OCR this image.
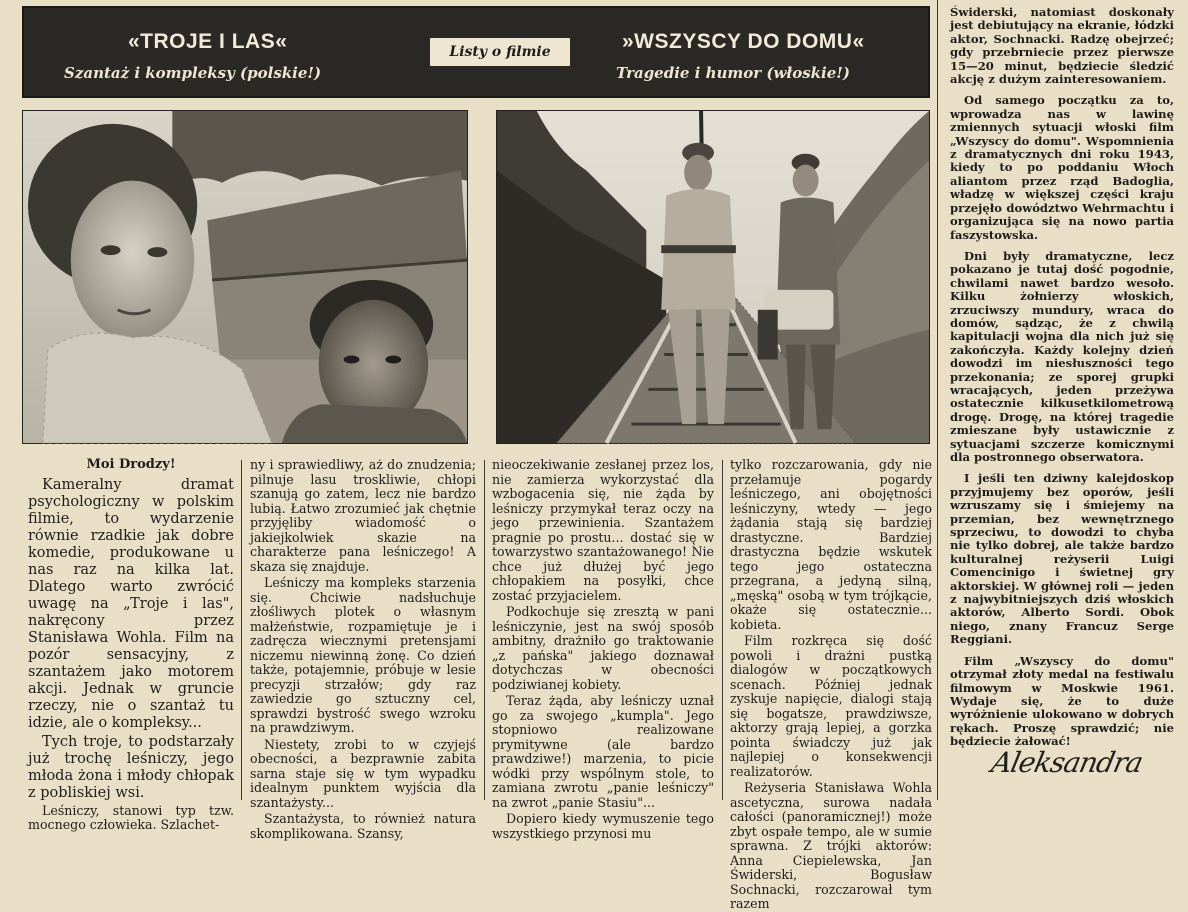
«TROJE I LAS«
Szantaż i kompleksy (polskie!)
Listy o filmie	»WSZYSCY DO DOMU«
Tragedie i humor (włoskie!)

Świderski, natomiast doskonały jest debiutujący na ekranie, łódzki aktor, Sochnacki. Radzę obejrzeć; gdy przebrniecie przez pierwsze 15—20 minut, będziecie śledzić akcję z dużym zainteresowaniem.

Od samego początku za to, wprowadza nas w lawinę zmiennych sytuacji włoski film „Wszyscy do domu". Wspomnienia z dramatycznych dni roku 1943, kiedy to po poddaniu Włoch aliantom przez rząd Badoglia, władzę w większej części kraju przejęło dowództwo Wehrmachtu i organizująca się na nowo partia faszystowska.

Dni były dramatyczne, lecz pokazano je tutaj dość pogodnie, chwilami nawet bardzo wesoło. Kilku żołnierzy włoskich, zrzuciwszy mundury, wraca do domów, sądząc, że z chwilą kapitulacji wojna dla nich już się zakończyła. Każdy kolejny dzień dowodzi im niesłuszności tego przekonania; ze sporej grupki wracających, jeden przeżywa ostatecznie kilkusetkilometrową drogę. Drogę, na której tragedie zmieszane były ustawicznie z sytuacjami szczerze komicznymi dla postronnego obserwatora.

I jeśli ten dziwny kalejdoskop przyjmujemy bez oporów, jeśli wzruszamy się i śmiejemy na przemian, bez wewnętrznego sprzeciwu, to dowodzi to chyba nie tylko dobrej, ale także bardzo kulturalnej reżyserii Luigi Comencinigo i świetnej gry aktorskiej. W głównej roli — jeden z najwybitniejszych dziś włoskich aktorów, Alberto Sordi. Obok niego, znany Francuz Serge Reggiani.

Film „Wszyscy do domu" otrzymał złoty medal na festiwalu filmowym w Moskwie 1961. Wydaje się, że to duże wyróżnienie ulokowano w dobrych rękach. Proszę sprawdzić; nie będziecie żałować!

Moi Drodzy!

Kameralny dramat psychologiczny w polskim filmie, to wydarzenie równie rzadkie jak dobre komedie, produkowane u nas raz na kilka lat. Dlatego warto zwrócić uwagę na „Troje i las", nakręcony przez Stanisława Wohla. Film na pozór sensacyjny, z szantażem jako motorem akcji. Jednak w gruncie rzeczy, nie o szantaż tu idzie, ale o kompleksy...

Tych troje, to podstarzały już trochę leśniczy, jego młoda żona i młody chłopak z pobliskiej wsi.

Leśniczy, stanowi typ tzw. mocnego człowieka. Szlachet-

ny i sprawiedliwy, aż do znudzenia; pilnuje lasu troskliwie, chłopi szanują go zatem, lecz nie bardzo lubią. Łatwo zrozumieć jak chętnie przyjęliby wiadomość o jakiejkolwiek skazie na charakterze pana leśniczego! A skaza się znajduje.

Leśniczy ma kompleks starzenia się. Chciwie nadsłuchuje złośliwych plotek o własnym małżeństwie, rozpamiętuje je i zadręcza wiecznymi pretensjami niczemu niewinną żonę. Co dzień także, potajemnie, próbuje w lesie precyzji strzałów; gdy raz zawiedzie go sztuczny cel, sprawdzi bystrość swego wzroku na prawdziwym.

Niestety, zrobi to w czyjejś obecności, a bezprawnie zabita sarna staje się w tym wypadku idealnym punktem wyjścia dla szantażysty...

Szantażysta, to również natura skomplikowana. Szansy,

nieoczekiwanie zesłanej przez los, nie zamierza wykorzystać dla wzbogacenia się, nie żąda by leśniczy przymykał teraz oczy na jego przewinienia. Szantażem pragnie po prostu... dostać się w towarzystwo szantażowanego! Nie chce już dłużej być jego chłopakiem na posyłki, chce zostać przyjacielem.

Podkochuje się zresztą w pani leśniczynie, jest na swój sposób ambitny, drażniło go traktowanie „z pańska" jakiego doznawał dotychczas w obecności podziwianej kobiety.

Teraz żąda, aby leśniczy uznał go za swojego „kumpla". Jego stopniowo realizowane prymitywne (ale bardzo prawdziwe!) marzenia, to picie wódki przy wspólnym stole, to zamiana zwrotu „panie leśniczy" na zwrot „panie Stasiu"...

Dopiero kiedy wymuszenie tego wszystkiego przynosi mu

tylko rozczarowania, gdy nie przełamuje pogardy leśniczego, ani obojętności leśniczyny, wtedy — jego żądania stają się bardziej drastyczne. Bardziej drastyczna będzie wskutek tego jego ostateczna przegrana, a jedyną silną, „męską" osobą w tym trójkącie, okaże się ostatecznie... kobieta.

Film rozkręca się dość powoli i drażni pustką dialogów w początkowych scenach. Później jednak zyskuje napięcie, dialogi stają się bogatsze, prawdziwsze, aktorzy grają lepiej, a gorzka pointa świadczy już jak najlepiej o konsekwencji realizatorów.

Reżyseria Stanisława Wohla ascetyczna, surowa nadała całości (panoramicznej!) może zbyt ospałe tempo, ale w sumie sprawna. Z trójki aktorów: Anna Ciepielewska, Jan Świderski, Bogusław Sochnacki, rozczarował tym razem

Aleksandra
